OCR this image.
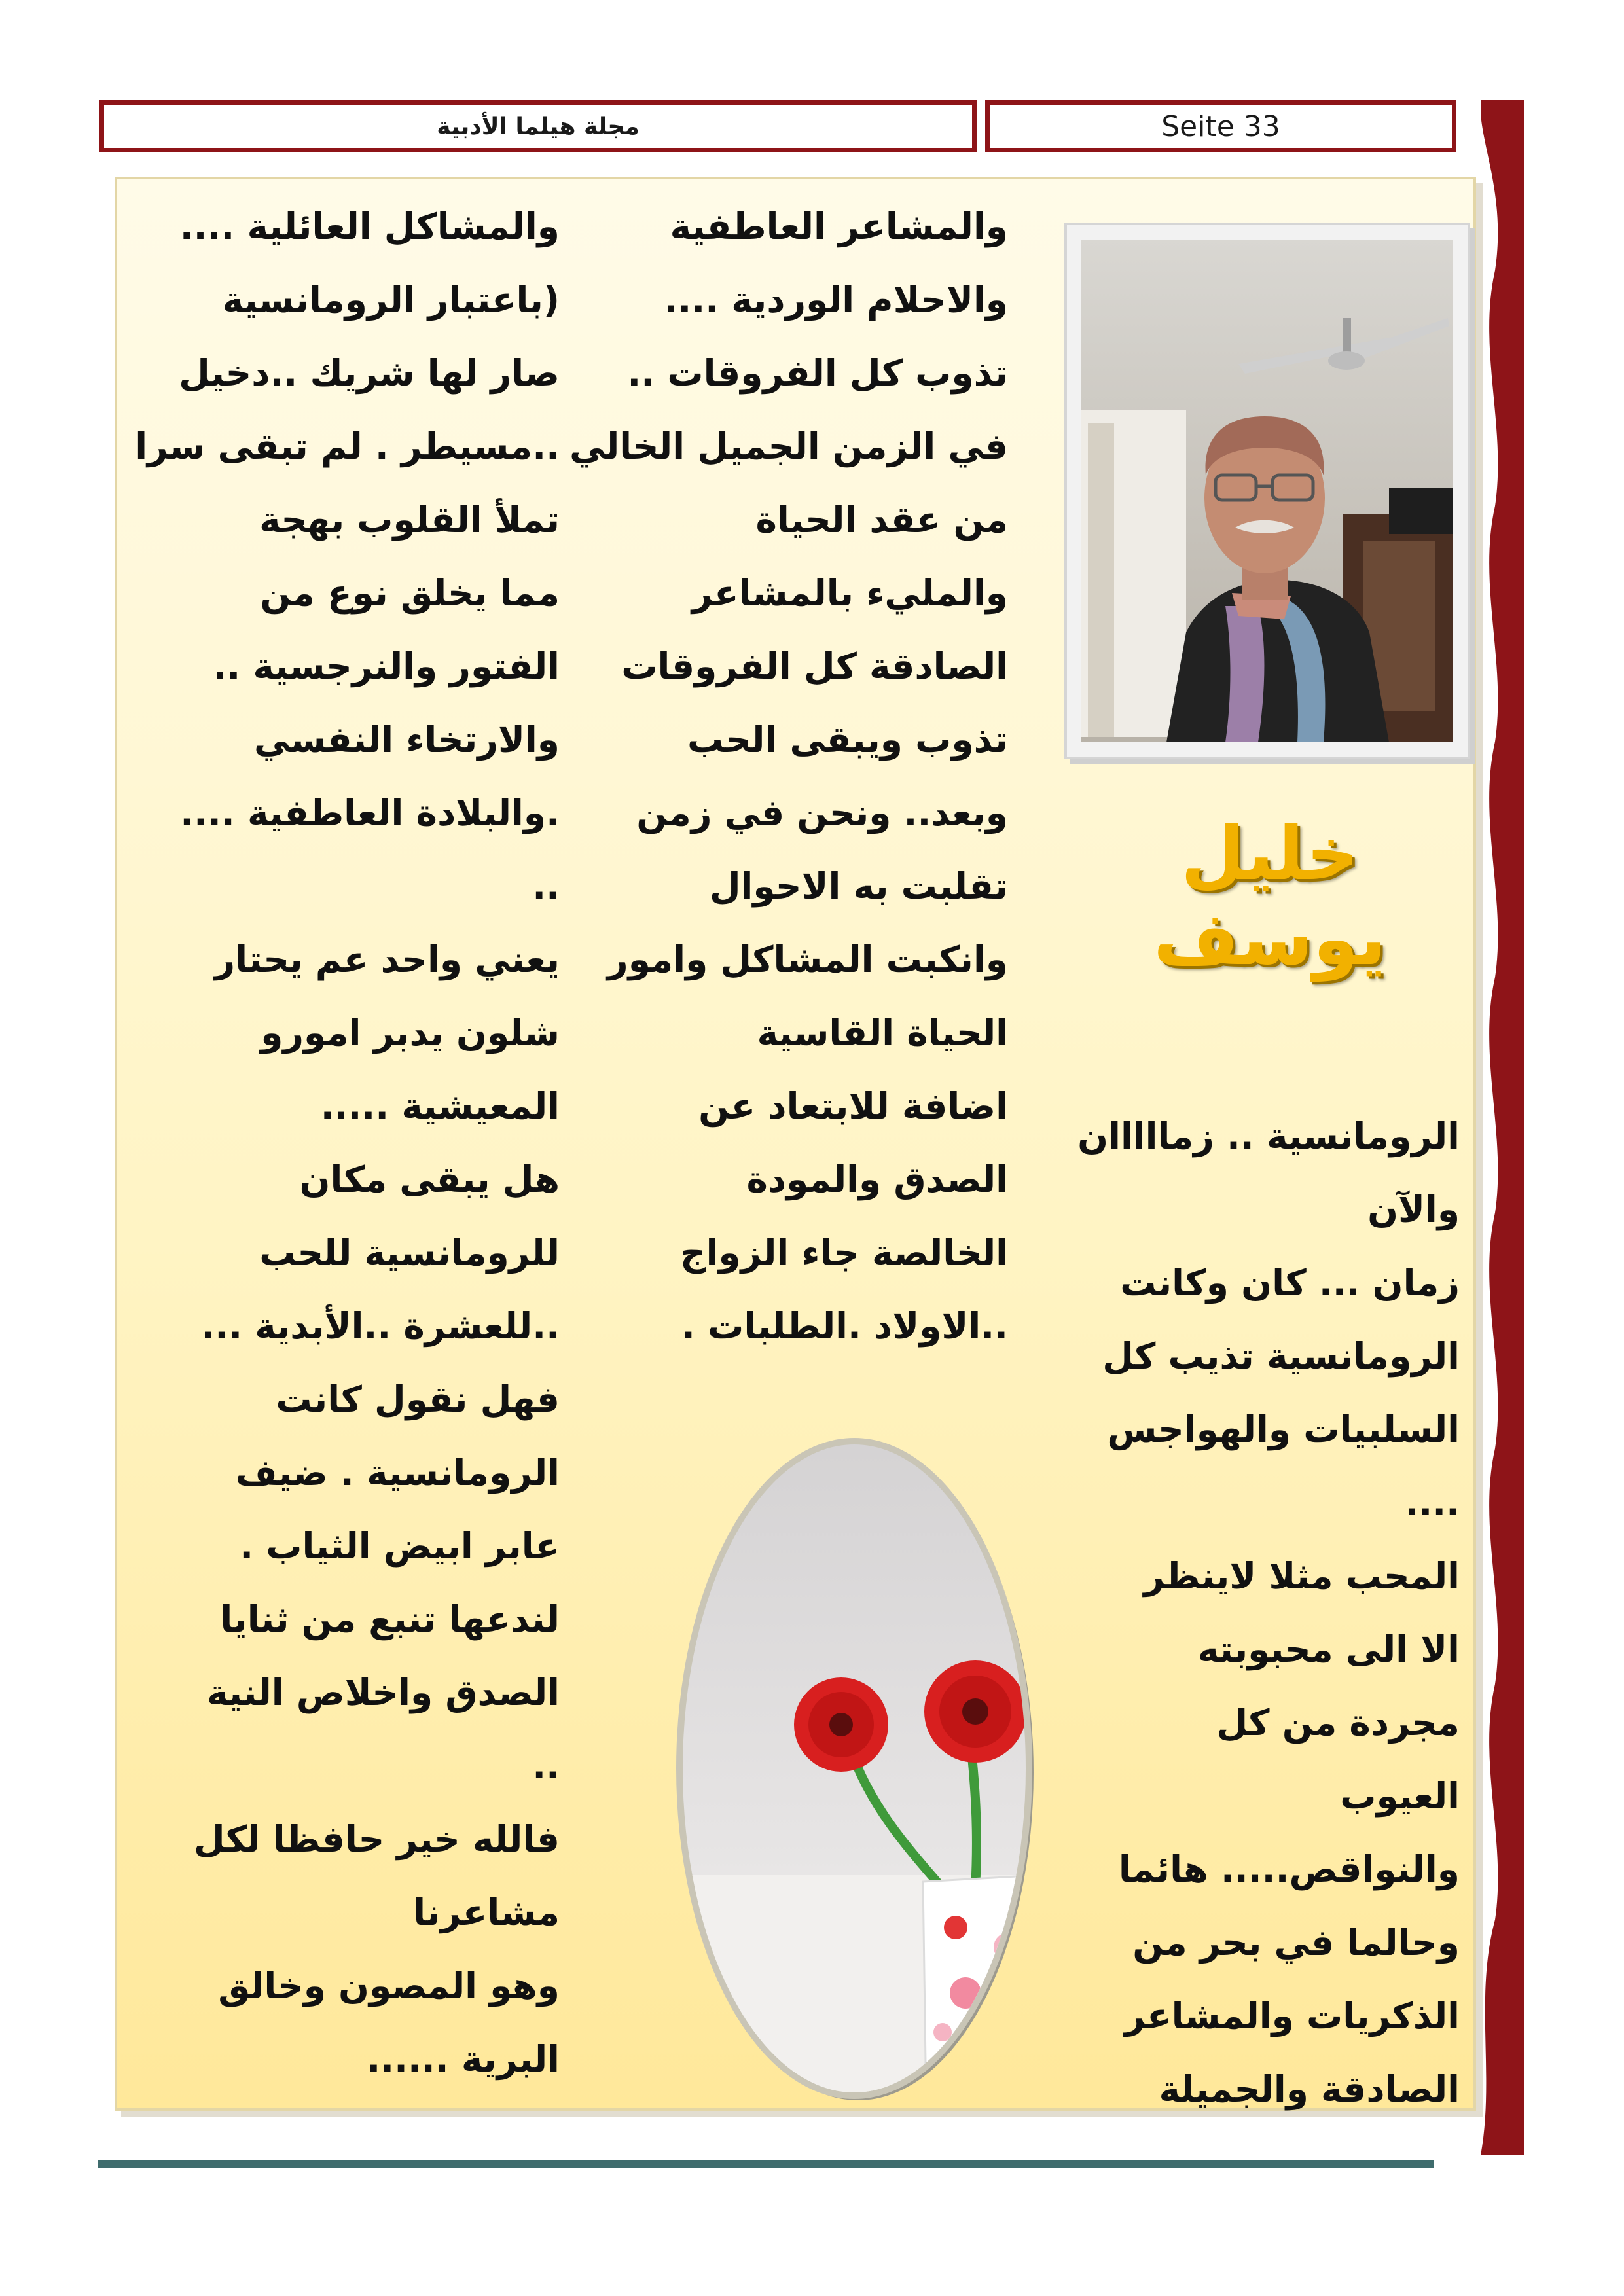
مجلة هيلما الأدبية	Seite 33
خليل يوسف

الرومانسية .. زمااااان

والآن

زمان ... كان وكانت

الرومانسية تذيب كل

السلبيات والهواجس

....

المحب مثلا لاينظر

الا الى محبوبته

مجردة من كل

العيوب

والنواقص..... هائما

وحالما في بحر من

الذكريات والمشاعر

الصادقة والجميلة

والمشاعر العاطفية

والاحلام الوردية ....

تذوب كل الفروقات ..

في الزمن الجميل الخالي

من عقد الحياة

والمليء بالمشاعر

الصادقة كل الفروقات

تذوب ويبقى الحب

وبعد.. ونحن في زمن

تقلبت به الاحوال

وانكبت المشاكل وامور

الحياة القاسية

اضافة للابتعاد عن

الصدق والمودة

الخالصة جاء الزواج

..الاولاد .الطلبات .

والمشاكل العائلية ....

(باعتبار الرومانسية

صار لها شريك ..دخيل

..مسيطر . لم تبقى سرا

تملأ القلوب بهجة

مما يخلق نوع من

الفتور والنرجسية ..

والارتخاء النفسي

.والبلادة العاطفية ....

..

يعني واحد عم يحتار

شلون يدبر امورو

المعيشية .....

هل يبقى مكان

للرومانسية للحب

..للعشرة ..الأبدية ...

فهل نقول كانت

الرومانسية . ضيف

عابر ابيض الثياب .

لندعها تنبع من ثنايا

الصدق واخلاص النية

..

فالله خير حافظا لكل

مشاعرنا

وهو المصون وخالق

البرية ......
